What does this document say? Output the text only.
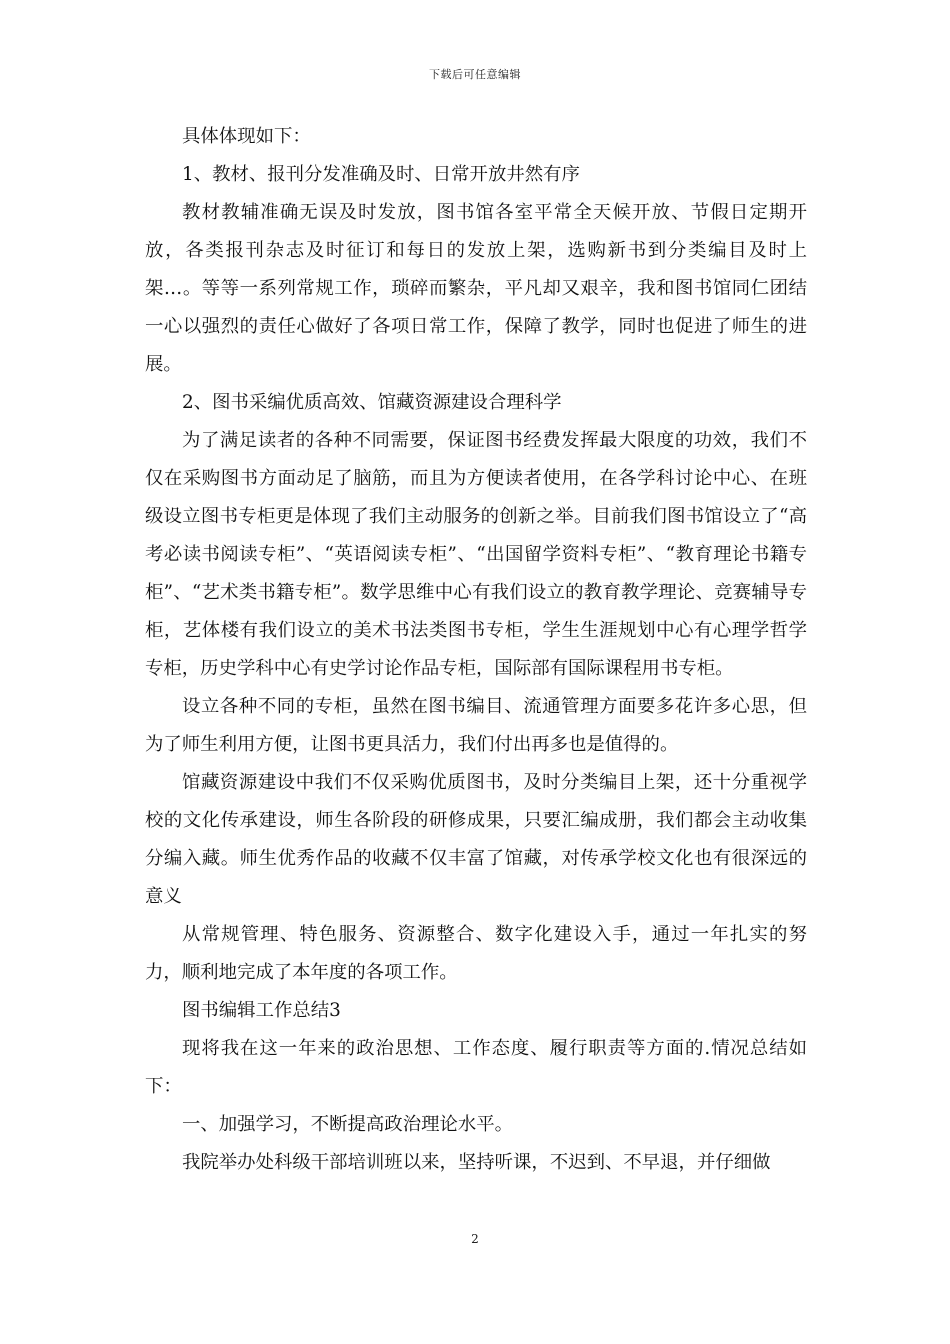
下载后可任意编辑

具体体现如下：

1、教材、报刊分发准确及时、日常开放井然有序

教材教辅准确无误及时发放，图书馆各室平常全天候开放、节假日定期开放，各类报刊杂志及时征订和每日的发放上架，选购新书到分类编目及时上架…。等等一系列常规工作，琐碎而繁杂，平凡却又艰辛，我和图书馆同仁团结一心以强烈的责任心做好了各项日常工作，保障了教学，同时也促进了师生的进展。

2、图书采编优质高效、馆藏资源建设合理科学

为了满足读者的各种不同需要，保证图书经费发挥最大限度的功效，我们不仅在采购图书方面动足了脑筋，而且为方便读者使用，在各学科讨论中心、在班级设立图书专柜更是体现了我们主动服务的创新之举。目前我们图书馆设立了“高考必读书阅读专柜”、“英语阅读专柜”、“出国留学资料专柜”、“教育理论书籍专柜”、“艺术类书籍专柜”。数学思维中心有我们设立的教育教学理论、竞赛辅导专柜，艺体楼有我们设立的美术书法类图书专柜，学生生涯规划中心有心理学哲学专柜，历史学科中心有史学讨论作品专柜，国际部有国际课程用书专柜。

设立各种不同的专柜，虽然在图书编目、流通管理方面要多花许多心思，但为了师生利用方便，让图书更具活力，我们付出再多也是值得的。

馆藏资源建设中我们不仅采购优质图书，及时分类编目上架，还十分重视学校的文化传承建设，师生各阶段的研修成果，只要汇编成册，我们都会主动收集分编入藏。师生优秀作品的收藏不仅丰富了馆藏，对传承学校文化也有很深远的意义

从常规管理、特色服务、资源整合、数字化建设入手，通过一年扎实的努力，顺利地完成了本年度的各项工作。

图书编辑工作总结3

现将我在这一年来的政治思想、工作态度、履行职责等方面的.情况总结如下：

一、加强学习，不断提高政治理论水平。

我院举办处科级干部培训班以来，坚持听课，不迟到、不早退，并仔细做

2
